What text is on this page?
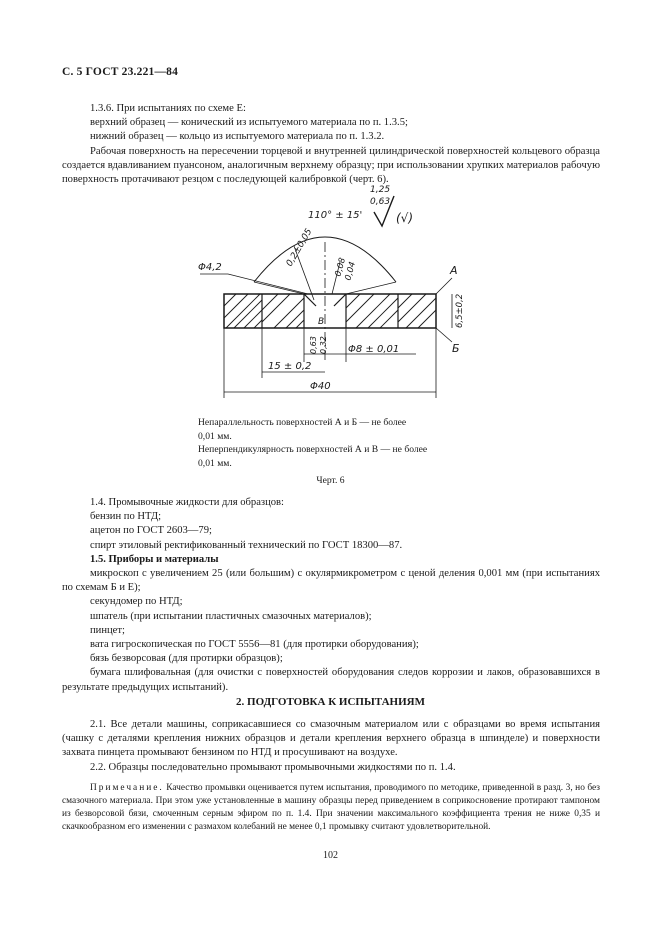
С. 5 ГОСТ 23.221—84

1.3.6. При испытаниях по схеме Е:

верхний образец — конический из испытуемого материала по п. 1.3.5;

нижний образец — кольцо из испытуемого материала по п. 1.3.2.

Рабочая поверхность на пересечении торцевой и внутренней цилиндрической поверхностей кольцевого образца создается вдавливанием пуансоном, аналогичным верхнему образцу; при использовании хрупких материалов рабочую поверхность протачивают резцом с последующей калибровкой (черт. 6).

110° ± 15'
1,25
0,63
(√)
0,2±0,05 0,08
0,04
Φ4,2	А
Б
В	6,5±0,2
0,63 0,32 Φ8 ± 0,01
15 ± 0,2
Φ40
Непараллельность поверхностей А и Б — не более
0,01 мм.
Неперпендикулярность поверхностей А и В — не более
0,01 мм.
Черт. 6

1.4. Промывочные жидкости для образцов:

бензин по НТД;

ацетон по ГОСТ 2603—79;

спирт этиловый ректификованный технический по ГОСТ 18300—87.

1.5. Приборы и материалы

микроскоп с увеличением 25 (или большим) с окулярмикрометром с ценой деления 0,001 мм (при испытаниях по схемам Б и Е);

секундомер по НТД;

шпатель (при испытании пластичных смазочных материалов);

пинцет;

вата гигроскопическая по ГОСТ 5556—81 (для протирки оборудования);

бязь безворсовая (для протирки образцов);

бумага шлифовальная (для очистки с поверхностей оборудования следов коррозии и лаков, образовавшихся в результате предыдущих испытаний).

2. ПОДГОТОВКА К ИСПЫТАНИЯМ

2.1. Все детали машины, соприкасавшиеся со смазочным материалом или с образцами во время испытания (чашку с деталями крепления нижних образцов и детали крепления верхнего образца в шпинделе) и поверхности захвата пинцета промывают бензином по НТД и просушивают на воздухе.

2.2. Образцы последовательно промывают промывочными жидкостями по п. 1.4.

Примечание. Качество промывки оценивается путем испытания, проводимого по методике, приведенной в разд. 3, но без смазочного материала. При этом уже установленные в машину образцы перед приведением в соприкосновение протирают тампоном из безворсовой бязи, смоченным серным эфиром по п. 1.4. При значении максимального коэффициента трения не ниже 0,35 и скачкообразном его изменении с размахом колебаний не менее 0,1 промывку считают удовлетворительной.

102
